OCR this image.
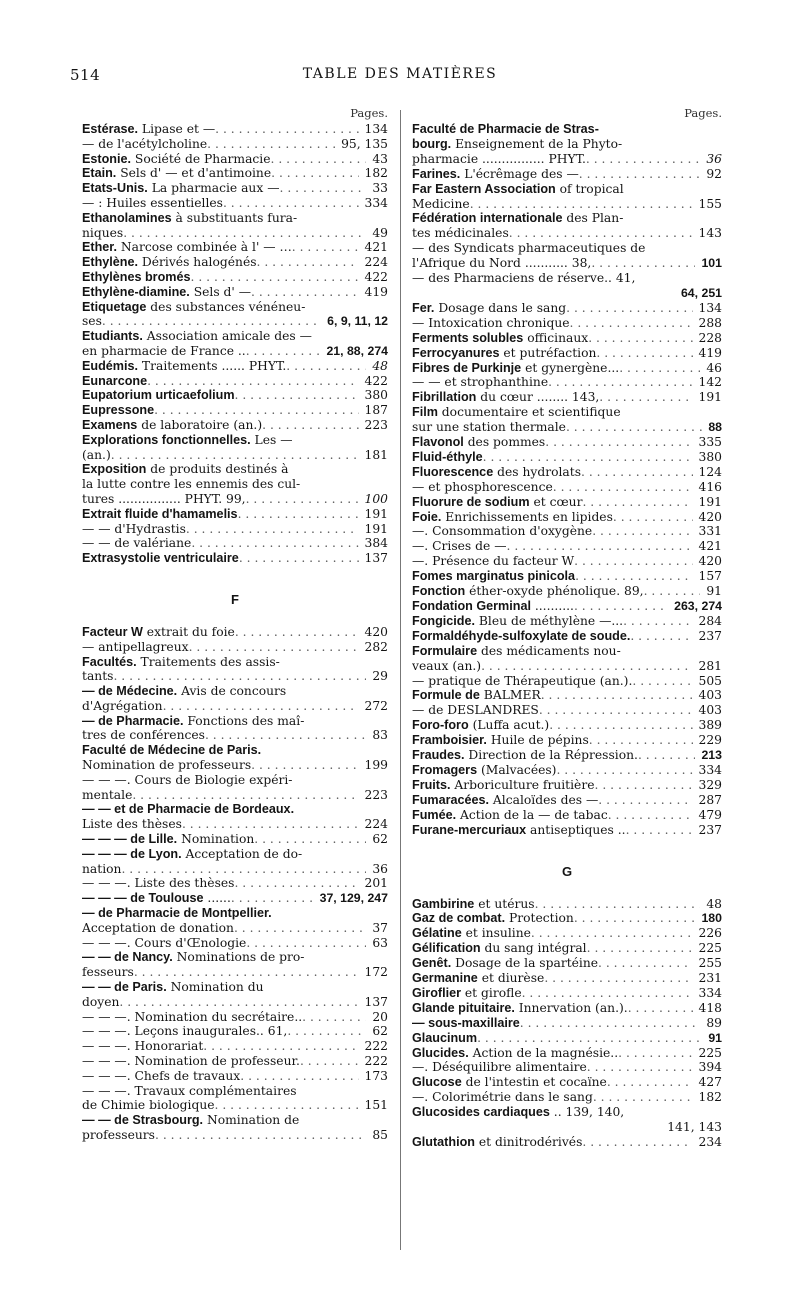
514	TABLE DES MATIÈRES
Pages.
Estérase. Lipase et — . . .	134
— de l'acétylcholine . . .	95, 135
Estonie. Société de Pharmacie . . .	43
Etain. Sels d' — et d'antimoine . . .	182
Etats-Unis. La pharmacie aux — . . .	33
— : Huiles essentielles . . .	334
Ethanolamines à substituants fura-
niques . . .	49
Ether. Narcose combinée à l' — … . . .	421
Ethylène. Dérivés halogénés . . .	224
Ethylènes bromés . . .	422
Ethylène-diamine. Sels d' — . . .	419
Etiquetage des substances vénéneu-
ses . . .	6, 9, 11, 12
Etudiants. Association amicale des —
en pharmacie de France .. . . .	21, 88, 274
Eudémis. Traitements ...... PHYT. . . .	48
Eunarcone . . .	422
Eupatorium urticaefolium . . .	380
Eupressone . . .	187
Examens de laboratoire (an.) . . .	223
Explorations fonctionnelles. Les —
(an.) . . .	181
Exposition de produits destinés à
la lutte contre les ennemis des cul-
tures ................ PHYT. 99, . . .	100
Extrait fluide d'hamamelis . . .	191
— — d'Hydrastis . . .	191
— — de valériane . . .	384
Extrasystolie ventriculaire . . .	137
F
Facteur W extrait du foie . . .	420
— antipellagreux . . .	282
Facultés. Traitements des assis-
tants . . .	29
— de Médecine. Avis de concours
d'Agrégation . . .	272
— de Pharmacie. Fonctions des maî-
tres de conférences . . .	83
Faculté de Médecine de Paris.
Nomination de professeurs . . .	199
— — —. Cours de Biologie expéri-
mentale . . .	223
— — et de Pharmacie de Bordeaux.
Liste des thèses . . .	224
— — — de Lille. Nomination . . .	62
— — — de Lyon. Acceptation de do-
nation . . .	36
— — —. Liste des thèses . . .	201
— — — de Toulouse ...... . . .	37, 129, 247
— de Pharmacie de Montpellier.
Acceptation de donation . . .	37
— — —. Cours d'Œnologie . . .	63
— — de Nancy. Nominations de pro-
fesseurs . . .	172
— — de Paris. Nomination du
doyen . . .	137
— — —. Nomination du secrétaire.. . . .	20
— — —. Leçons inaugurales.. 61, . . .	62
— — —. Honorariat . . .	222
— — —. Nomination de professeur. . . .	222
— — —. Chefs de travaux . . .	173
— — —. Travaux complémentaires
de Chimie biologique . . .	151
— — de Strasbourg. Nomination de
professeurs . . .	85
Pages.
Faculté de Pharmacie de Stras-
bourg. Enseignement de la Phyto-
pharmacie ................ PHYT. . . .	36
Farines. L'écrêmage des — . . .	92
Far Eastern Association of tropical
Medicine . . .	155
Fédération internationale des Plan-
tes médicinales . . .	143
— des Syndicats pharmaceutiques de
l'Afrique du Nord ........... 38, . . .	101
— des Pharmaciens de réserve.. 41,
64, 251
Fer. Dosage dans le sang . . .	134
— Intoxication chronique . . .	288
Ferments solubles officinaux . . .	228
Ferrocyanures et putréfaction . . .	419
Fibres de Purkinje et gynergène... . . .	46
— — et strophanthine . . .	142
Fibrillation du cœur ........ 143, . . .	191
Film documentaire et scientifique
sur une station thermale . . .	88
Flavonol des pommes . . .	335
Fluid-éthyle . . .	380
Fluorescence des hydrolats . . .	124
— et phosphorescence . . .	416
Fluorure de sodium et cœur . . .	191
Foie. Enrichissements en lipides . . .	420
—. Consommation d'oxygène . . .	331
—. Crises de — . . .	421
—. Présence du facteur W . . .	420
Fomes marginatus pinicola . . .	157
Fonction éther-oxyde phénolique. 89, . . .	91
Fondation Germinal .......... . . .	263, 274
Fongicide. Bleu de méthylène —... . . .	284
Formaldéhyde-sulfoxylate de soude. . . .	237
Formulaire des médicaments nou-
veaux (an.) . . .	281
— pratique de Thérapeutique (an.). . . .	505
Formule de BALMER . . .	403
— de DESLANDRES . . .	403
Foro-foro (Luffa acut.) . . .	389
Framboisier. Huile de pépins . . .	229
Fraudes. Direction de la Répression. . . .	213
Fromagers (Malvacées) . . .	334
Fruits. Arboriculture fruitière . . .	329
Fumaracées. Alcaloïdes des — . . .	287
Fumée. Action de la — de tabac . . .	479
Furane-mercuriaux antiseptiques .. . . .	237
G
Gambirine et utérus . . .	48
Gaz de combat. Protection . . .	180
Gélatine et insuline . . .	226
Gélification du sang intégral . . .	225
Genêt. Dosage de la spartéine . . .	255
Germanine et diurèse . . .	231
Giroflier et girofle . . .	334
Glande pituitaire. Innervation (an.). . . .	418
— sous-maxillaire . . .	89
Glaucinum . . .	91
Glucides. Action de la magnésie.. . . .	225
—. Déséquilibre alimentaire . . .	394
Glucose de l'intestin et cocaïne . . .	427
—. Colorimétrie dans le sang . . .	182
Glucosides cardiaques .. 139, 140,
141, 143
Glutathion et dinitrodérivés . . .	234
